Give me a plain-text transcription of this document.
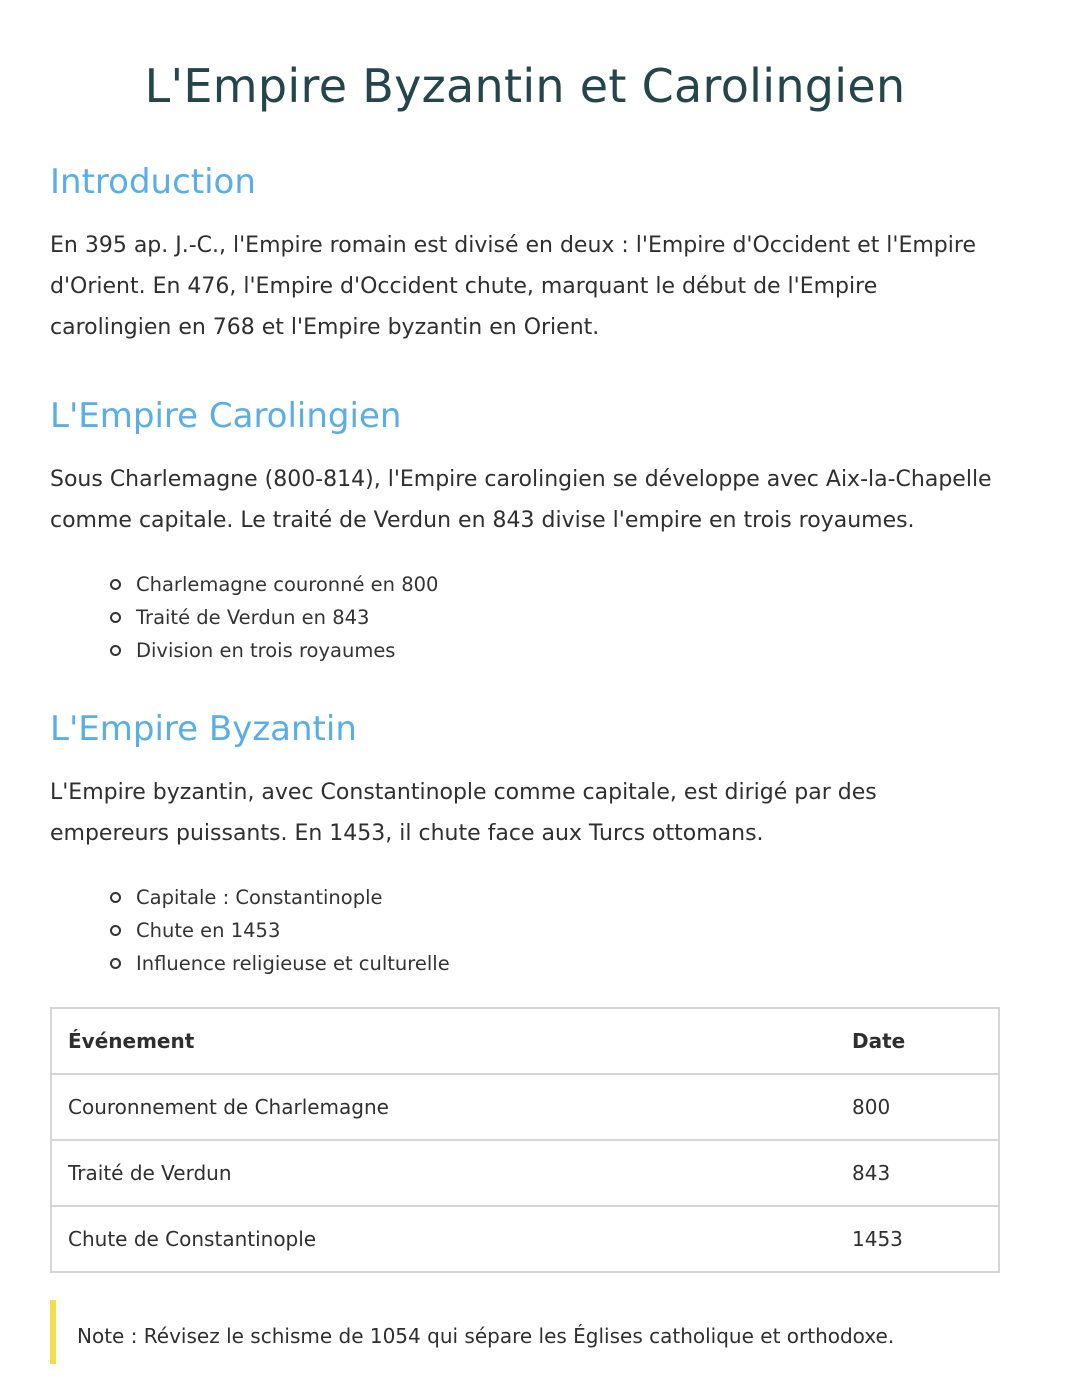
L'Empire Byzantin et Carolingien
Introduction

En 395 ap. J.-C., l'Empire romain est divisé en deux : l'Empire d'Occident et l'Empire d'Orient. En 476, l'Empire d'Occident chute, marquant le début de l'Empire carolingien en 768 et l'Empire byzantin en Orient.

L'Empire Carolingien

Sous Charlemagne (800-814), l'Empire carolingien se développe avec Aix-la-Chapelle comme capitale. Le traité de Verdun en 843 divise l'empire en trois royaumes.

Charlemagne couronné en 800
Traité de Verdun en 843
Division en trois royaumes
L'Empire Byzantin

L'Empire byzantin, avec Constantinople comme capitale, est dirigé par des empereurs puissants. En 1453, il chute face aux Turcs ottomans.

Capitale : Constantinople
Chute en 1453
Influence religieuse et culturelle
Événement	Date
Couronnement de Charlemagne	800
Traité de Verdun	843
Chute de Constantinople	1453
Note : Révisez le schisme de 1054 qui sépare les Églises catholique et orthodoxe.
